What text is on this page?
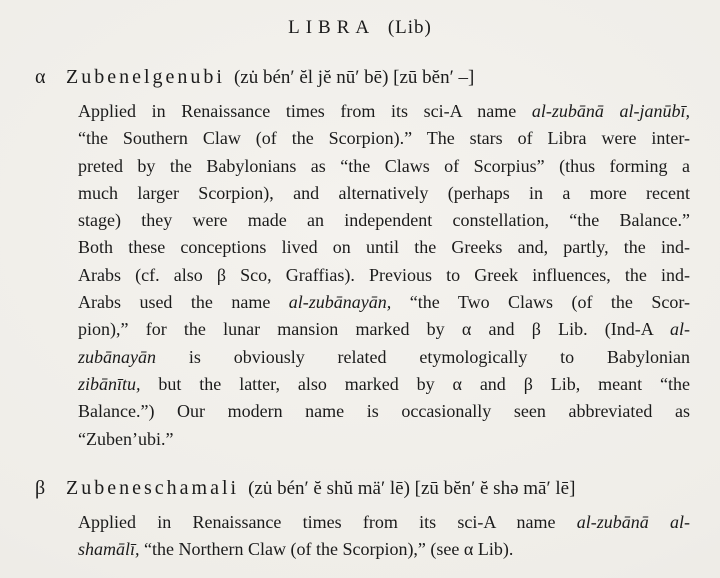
LIBRA (Lib)
α Zubenelgenubi (zu̇ bén′ ĕl jĕ nū′ bē) [zū bĕn′ –]
Applied in Renaissance times from its sci-A name al-zubānā al-janūbī,
“the Southern Claw (of the Scorpion).” The stars of Libra were inter-
preted by the Babylonians as “the Claws of Scorpius” (thus forming a
much larger Scorpion), and alternatively (perhaps in a more recent
stage) they were made an independent constellation, “the Balance.”
Both these conceptions lived on until the Greeks and, partly, the ind-
Arabs (cf. also β Sco, Graffias). Previous to Greek influences, the ind-
Arabs used the name al-zubānayān, “the Two Claws (of the Scor-
pion),” for the lunar mansion marked by α and β Lib. (Ind-A al-
zubānayān is obviously related etymologically to Babylonian
zibānītu, but the latter, also marked by α and β Lib, meant “the
Balance.”) Our modern name is occasionally seen abbreviated as
“Zuben’ubi.”
β Zubeneschamali (zu̇ bén′ ĕ shŭ mä′ lē) [zū bĕn′ ĕ shə mā′ lē]
Applied in Renaissance times from its sci-A name al-zubānā al-
shamālī, “the Northern Claw (of the Scorpion),” (see α Lib).
